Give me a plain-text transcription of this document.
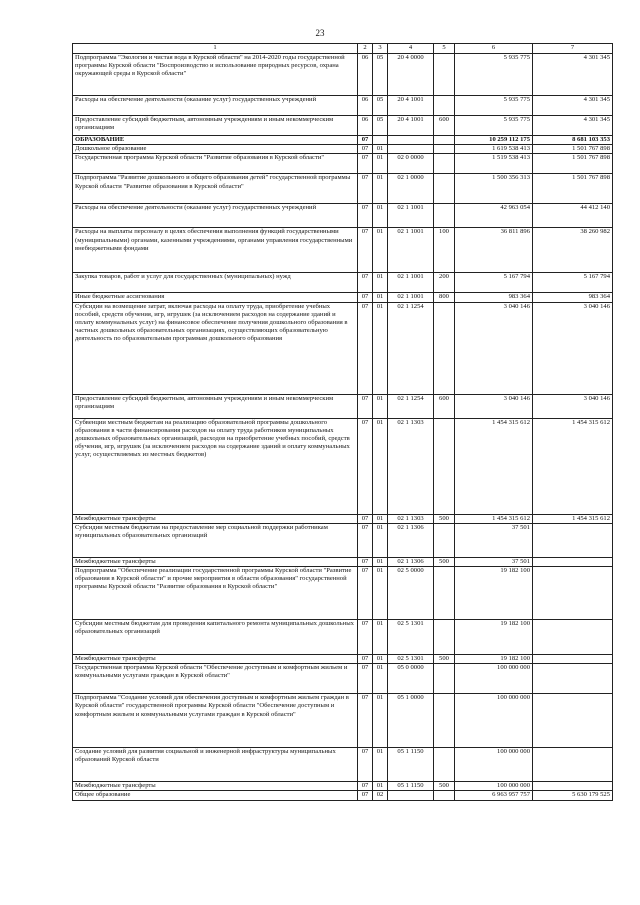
23
1	2	3	4	5	6	7
Подпрограмма "Экология и чистая вода в Курской области" на 2014-2020 годы государственной программы Курской области "Воспроизводство и использование природных ресурсов, охрана окружающей среды в Курской области"	06	05	20 4 0000		5 935 775	4 301 345
Расходы на обеспечение деятельности (оказание услуг) государственных учреждений	06	05	20 4 1001		5 935 775	4 301 345
Предоставление субсидий бюджетным, автономным учреждениям и иным некоммерческим организациям	06	05	20 4 1001	600	5 935 775	4 301 345
ОБРАЗОВАНИЕ	07				10 259 112 175	8 681 103 353
Дошкольное образование	07	01			1 619 538 413	1 501 767 898
Государственная программа Курской области "Развитие образования в Курской области"	07	01	02 0 0000		1 519 538 413	1 501 767 898
Подпрограмма "Развитие дошкольного и общего образования детей" государственной программы Курской области "Развитие образования в Курской области"	07	01	02 1 0000		1 500 356 313	1 501 767 898
Расходы на обеспечение деятельности (оказание услуг) государственных учреждений	07	01	02 1 1001		42 963 054	44 412 140
Расходы на выплаты персоналу в целях обеспечения выполнения функций государственными (муниципальными) органами, казенными учреждениями, органами управления государственными внебюджетными фондами	07	01	02 1 1001	100	36 811 896	38 260 982
Закупка товаров, работ и услуг для государственных (муниципальных) нужд	07	01	02 1 1001	200	5 167 794	5 167 794
Иные бюджетные ассигнования	07	01	02 1 1001	800	983 364	983 364
Субсидии на возмещение затрат, включая расходы на оплату труда, приобретение учебных пособий, средств обучения, игр, игрушек (за исключением расходов на содержание зданий и оплату коммунальных услуг) на финансовое обеспечение получения дошкольного образования в частных дошкольных образовательных организациях, осуществляющих образовательную деятельность по образовательным программам дошкольного образования	07	01	02 1 1254		3 040 146	3 040 146
Предоставление субсидий бюджетным, автономным учреждениям и иным некоммерческим организациям	07	01	02 1 1254	600	3 040 146	3 040 146
Субвенции местным бюджетам на реализацию образовательной программы дошкольного образования в части финансирования расходов на оплату труда работников муниципальных дошкольных образовательных организаций, расходов на приобретение учебных пособий, средств обучения, игр, игрушек (за исключением расходов на содержание зданий и оплату коммунальных услуг, осуществляемых из местных бюджетов)	07	01	02 1 1303		1 454 315 612	1 454 315 612
Межбюджетные трансферты	07	01	02 1 1303	500	1 454 315 612	1 454 315 612
Субсидии местным бюджетам на предоставление мер социальной поддержки работникам муниципальных образовательных организаций	07	01	02 1 1306		37 501	
Межбюджетные трансферты	07	01	02 1 1306	500	37 501	
Подпрограмма "Обеспечение реализации государственной программы Курской области "Развитие образования в Курской области" и прочие мероприятия в области образования" государственной программы Курской области "Развитие образования в Курской области"	07	01	02 5 0000		19 182 100	
Субсидии местным бюджетам для проведения капитального ремонта муниципальных дошкольных образовательных организаций	07	01	02 5 1301		19 182 100	
Межбюджетные трансферты	07	01	02 5 1301	500	19 182 100	
Государственная программа Курской области "Обеспечение доступным и комфортным жильем и коммунальными услугами граждан в Курской области"	07	01	05 0 0000		100 000 000	
Подпрограмма "Создание условий для обеспечения доступным и комфортным жильем граждан в Курской области" государственной программы Курской области "Обеспечение доступным и комфортным жильем и коммунальными услугами граждан в Курской области"	07	01	05 1 0000		100 000 000	
Создание условий для развития социальной и инженерной инфраструктуры муниципальных образований Курской области	07	01	05 1 1150		100 000 000	
Межбюджетные трансферты	07	01	05 1 1150	500	100 000 000	
Общее образование	07	02			6 963 957 757	5 630 179 525
